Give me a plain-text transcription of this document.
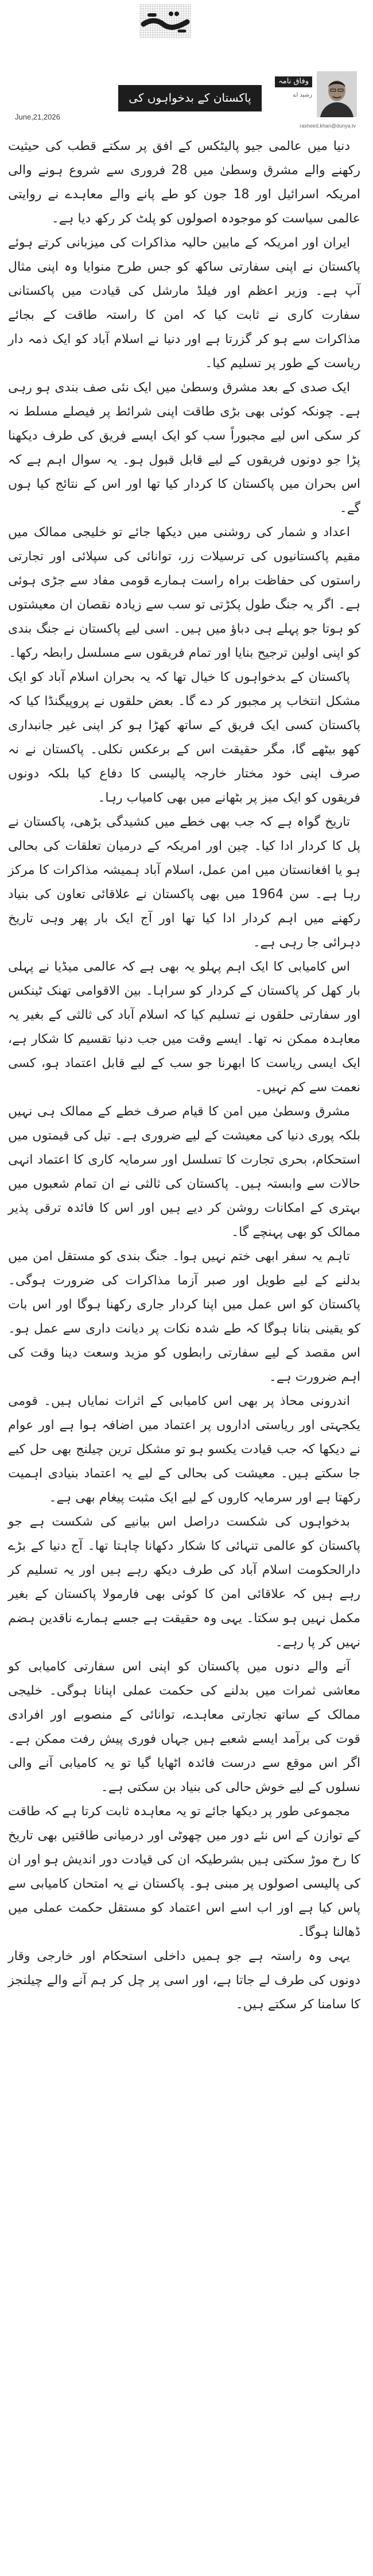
پاکستان کے بدخواہوں کی شکست
وفاق نامہ
رشید اے
June,21,2026
rasheed.khan@dunya.tv

دنیا میں عالمی جیو پالیٹکس کے افق پر سکتے قطب کی حیثیت رکھنے والے مشرق وسطیٰ میں 28 فروری سے شروع ہونے والی امریکہ اسرائیل اور 18 جون کو طے پانے والے معاہدے نے روایتی عالمی سیاست کو موجودہ اصولوں کو پلٹ کر رکھ دیا ہے۔

ایران اور امریکہ کے مابین حالیہ مذاکرات کی میزبانی کرتے ہوئے پاکستان نے اپنی سفارتی ساکھ کو جس طرح منوایا وہ اپنی مثال آپ ہے۔ وزیر اعظم اور فیلڈ مارشل کی قیادت میں پاکستانی سفارت کاری نے ثابت کیا کہ امن کا راستہ طاقت کے بجائے مذاکرات سے ہو کر گزرتا ہے اور دنیا نے اسلام آباد کو ایک ذمہ دار ریاست کے طور پر تسلیم کیا۔

ایک صدی کے بعد مشرق وسطیٰ میں ایک نئی صف بندی ہو رہی ہے۔ چونکہ کوئی بھی بڑی طاقت اپنی شرائط پر فیصلے مسلط نہ کر سکی اس لیے مجبوراً سب کو ایک ایسے فریق کی طرف دیکھنا پڑا جو دونوں فریقوں کے لیے قابل قبول ہو۔ یہ سوال اہم ہے کہ اس بحران میں پاکستان کا کردار کیا تھا اور اس کے نتائج کیا ہوں گے۔

اعداد و شمار کی روشنی میں دیکھا جائے تو خلیجی ممالک میں مقیم پاکستانیوں کی ترسیلات زر، توانائی کی سپلائی اور تجارتی راستوں کی حفاظت براہ راست ہمارے قومی مفاد سے جڑی ہوئی ہے۔ اگر یہ جنگ طول پکڑتی تو سب سے زیادہ نقصان ان معیشتوں کو ہوتا جو پہلے ہی دباؤ میں ہیں۔ اسی لیے پاکستان نے جنگ بندی کو اپنی اولین ترجیح بنایا اور تمام فریقوں سے مسلسل رابطہ رکھا۔

پاکستان کے بدخواہوں کا خیال تھا کہ یہ بحران اسلام آباد کو ایک مشکل انتخاب پر مجبور کر دے گا۔ بعض حلقوں نے پروپیگنڈا کیا کہ پاکستان کسی ایک فریق کے ساتھ کھڑا ہو کر اپنی غیر جانبداری کھو بیٹھے گا، مگر حقیقت اس کے برعکس نکلی۔ پاکستان نے نہ صرف اپنی خود مختار خارجہ پالیسی کا دفاع کیا بلکہ دونوں فریقوں کو ایک میز پر بٹھانے میں بھی کامیاب رہا۔

تاریخ گواہ ہے کہ جب بھی خطے میں کشیدگی بڑھی، پاکستان نے پل کا کردار ادا کیا۔ چین اور امریکہ کے درمیان تعلقات کی بحالی ہو یا افغانستان میں امن عمل، اسلام آباد ہمیشہ مذاکرات کا مرکز رہا ہے۔ سن 1964 میں بھی پاکستان نے علاقائی تعاون کی بنیاد رکھنے میں اہم کردار ادا کیا تھا اور آج ایک بار پھر وہی تاریخ دہرائی جا رہی ہے۔

اس کامیابی کا ایک اہم پہلو یہ بھی ہے کہ عالمی میڈیا نے پہلی بار کھل کر پاکستان کے کردار کو سراہا۔ بین الاقوامی تھنک ٹینکس اور سفارتی حلقوں نے تسلیم کیا کہ اسلام آباد کی ثالثی کے بغیر یہ معاہدہ ممکن نہ تھا۔ ایسے وقت میں جب دنیا تقسیم کا شکار ہے، ایک ایسی ریاست کا ابھرنا جو سب کے لیے قابل اعتماد ہو، کسی نعمت سے کم نہیں۔

مشرق وسطیٰ میں امن کا قیام صرف خطے کے ممالک ہی نہیں بلکہ پوری دنیا کی معیشت کے لیے ضروری ہے۔ تیل کی قیمتوں میں استحکام، بحری تجارت کا تسلسل اور سرمایہ کاری کا اعتماد انہی حالات سے وابستہ ہیں۔ پاکستان کی ثالثی نے ان تمام شعبوں میں بہتری کے امکانات روشن کر دیے ہیں اور اس کا فائدہ ترقی پذیر ممالک کو بھی پہنچے گا۔

تاہم یہ سفر ابھی ختم نہیں ہوا۔ جنگ بندی کو مستقل امن میں بدلنے کے لیے طویل اور صبر آزما مذاکرات کی ضرورت ہوگی۔ پاکستان کو اس عمل میں اپنا کردار جاری رکھنا ہوگا اور اس بات کو یقینی بنانا ہوگا کہ طے شدہ نکات پر دیانت داری سے عمل ہو۔ اس مقصد کے لیے سفارتی رابطوں کو مزید وسعت دینا وقت کی اہم ضرورت ہے۔

اندرونی محاذ پر بھی اس کامیابی کے اثرات نمایاں ہیں۔ قومی یکجہتی اور ریاستی اداروں پر اعتماد میں اضافہ ہوا ہے اور عوام نے دیکھا کہ جب قیادت یکسو ہو تو مشکل ترین چیلنج بھی حل کیے جا سکتے ہیں۔ معیشت کی بحالی کے لیے یہ اعتماد بنیادی اہمیت رکھتا ہے اور سرمایہ کاروں کے لیے ایک مثبت پیغام بھی ہے۔

بدخواہوں کی شکست دراصل اس بیانیے کی شکست ہے جو پاکستان کو عالمی تنہائی کا شکار دکھانا چاہتا تھا۔ آج دنیا کے بڑے دارالحکومت اسلام آباد کی طرف دیکھ رہے ہیں اور یہ تسلیم کر رہے ہیں کہ علاقائی امن کا کوئی بھی فارمولا پاکستان کے بغیر مکمل نہیں ہو سکتا۔ یہی وہ حقیقت ہے جسے ہمارے ناقدین ہضم نہیں کر پا رہے۔

آنے والے دنوں میں پاکستان کو اپنی اس سفارتی کامیابی کو معاشی ثمرات میں بدلنے کی حکمت عملی اپنانا ہوگی۔ خلیجی ممالک کے ساتھ تجارتی معاہدے، توانائی کے منصوبے اور افرادی قوت کی برآمد ایسے شعبے ہیں جہاں فوری پیش رفت ممکن ہے۔ اگر اس موقع سے درست فائدہ اٹھایا گیا تو یہ کامیابی آنے والی نسلوں کے لیے خوش حالی کی بنیاد بن سکتی ہے۔

مجموعی طور پر دیکھا جائے تو یہ معاہدہ ثابت کرتا ہے کہ طاقت کے توازن کے اس نئے دور میں چھوٹی اور درمیانی طاقتیں بھی تاریخ کا رخ موڑ سکتی ہیں بشرطیکہ ان کی قیادت دور اندیش ہو اور ان کی پالیسی اصولوں پر مبنی ہو۔ پاکستان نے یہ امتحان کامیابی سے پاس کیا ہے اور اب اسے اس اعتماد کو مستقل حکمت عملی میں ڈھالنا ہوگا۔

یہی وہ راستہ ہے جو ہمیں داخلی استحکام اور خارجی وقار دونوں کی طرف لے جاتا ہے، اور اسی پر چل کر ہم آنے والے چیلنجز کا سامنا کر سکتے ہیں۔
